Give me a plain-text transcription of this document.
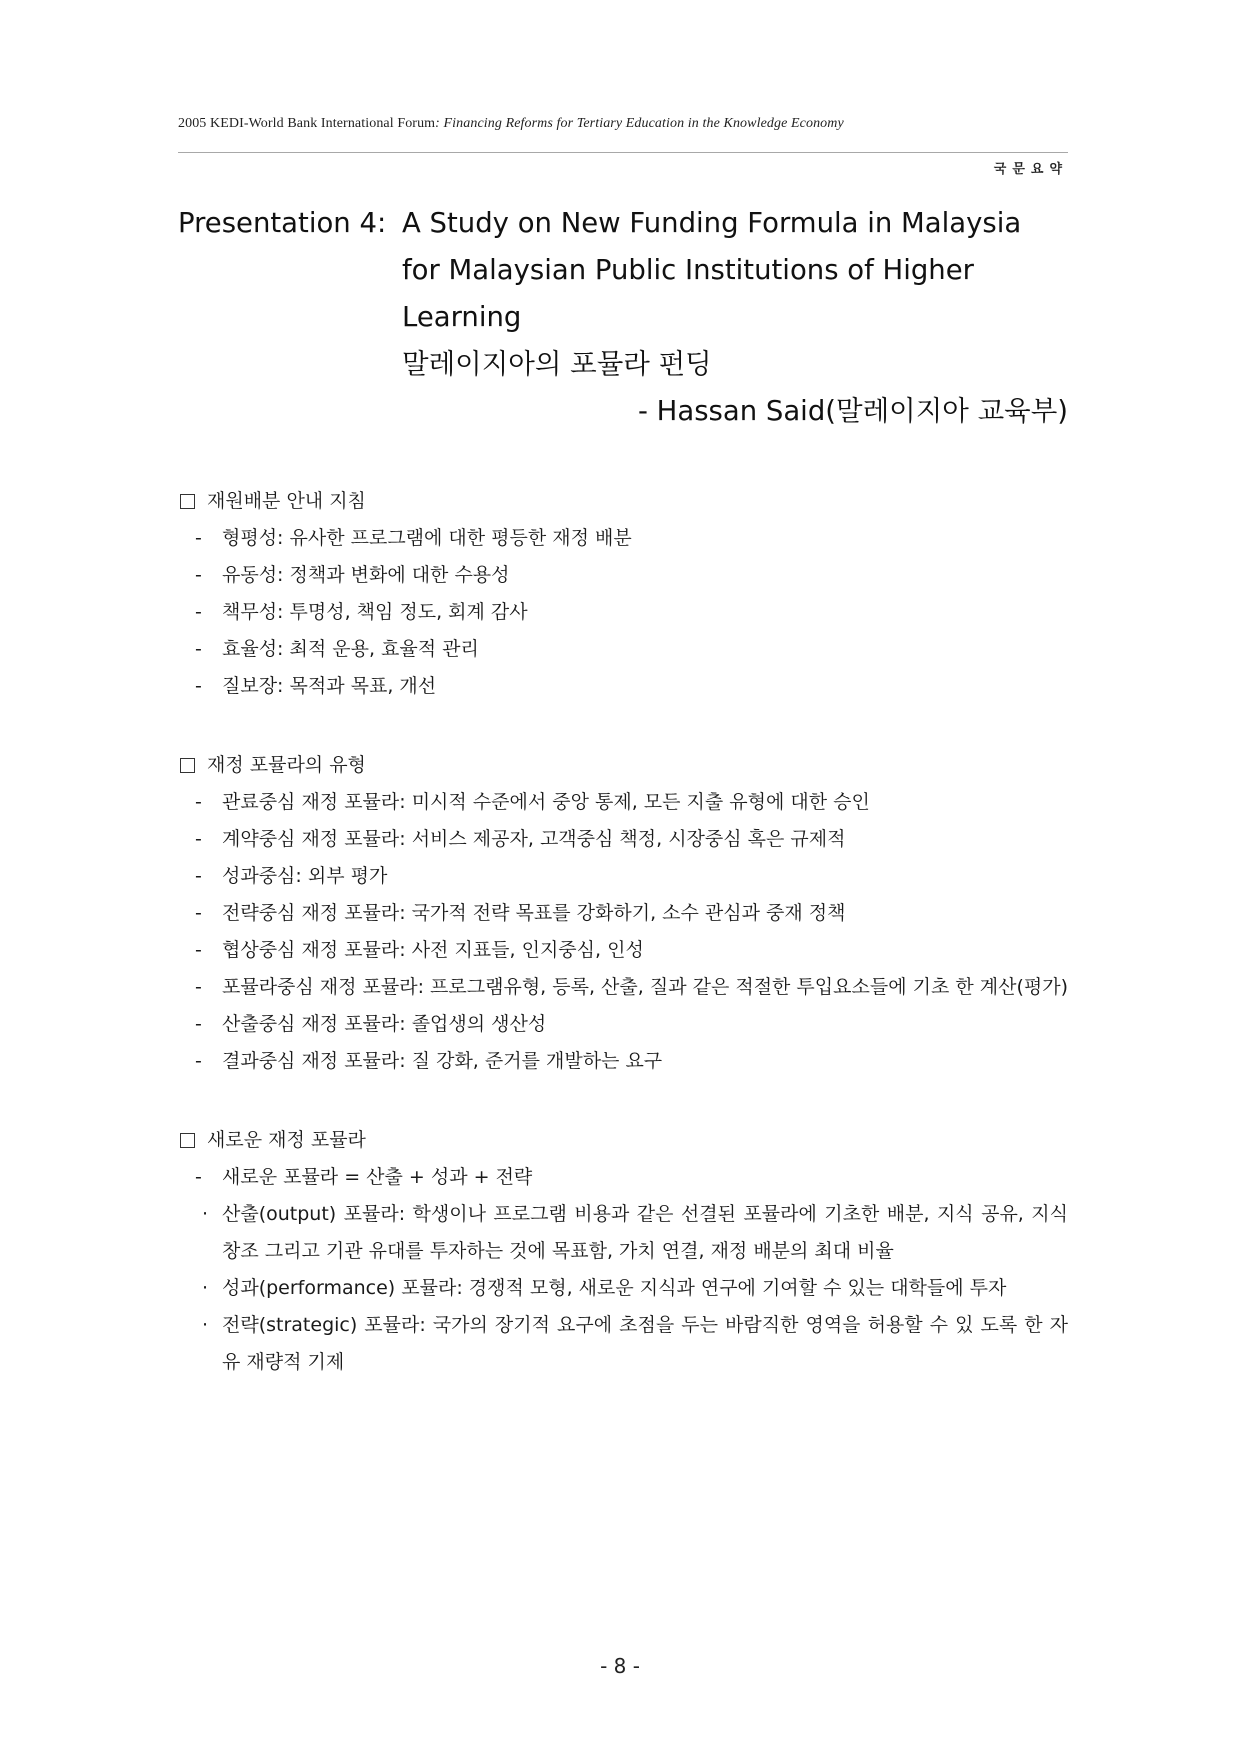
2005 KEDI-World Bank International Forum: Financing Reforms for Tertiary Education in the Knowledge Economy
국문요약
Presentation 4: A Study on New Funding Formula in Malaysia
for Malaysian Public Institutions of Higher
Learning
말레이지아의 포뮬라 펀딩
- Hassan Said(말레이지아 교육부)
재원배분 안내 지침
-	형평성: 유사한 프로그램에 대한 평등한 재정 배분
-	유동성: 정책과 변화에 대한 수용성
-	책무성: 투명성, 책임 정도, 회계 감사
-	효율성: 최적 운용, 효율적 관리
-	질보장: 목적과 목표, 개선
재정 포뮬라의 유형
-	관료중심 재정 포뮬라: 미시적 수준에서 중앙 통제, 모든 지출 유형에 대한 승인
-	계약중심 재정 포뮬라: 서비스 제공자, 고객중심 책정, 시장중심 혹은 규제적
-	성과중심: 외부 평가
-	전략중심 재정 포뮬라: 국가적 전략 목표를 강화하기, 소수 관심과 중재 정책
-	협상중심 재정 포뮬라: 사전 지표들, 인지중심, 인성
-	포뮬라중심 재정 포뮬라: 프로그램유형, 등록, 산출, 질과 같은 적절한 투입요소들에 기초 한 계산(평가)
-	산출중심 재정 포뮬라: 졸업생의 생산성
-	결과중심 재정 포뮬라: 질 강화, 준거를 개발하는 요구
새로운 재정 포뮬라
-	새로운 포뮬라 = 산출 + 성과 + 전략
· 산출(output) 포뮬라: 학생이나 프로그램 비용과 같은 선결된 포뮬라에 기초한 배분, 지식 공유, 지식 창조 그리고 기관 유대를 투자하는 것에 목표함, 가치 연결, 재정 배분의 최대 비율
· 성과(performance) 포뮬라: 경쟁적 모형, 새로운 지식과 연구에 기여할 수 있는 대학들에 투자
· 전략(strategic) 포뮬라: 국가의 장기적 요구에 초점을 두는 바람직한 영역을 허용할 수 있 도록 한 자유 재량적 기제
- 8 -
